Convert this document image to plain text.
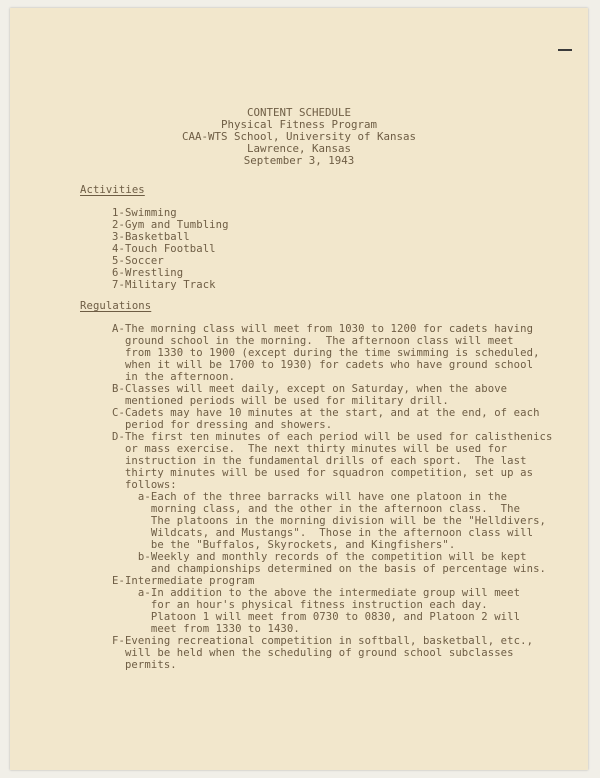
CONTENT SCHEDULE
Physical Fitness Program
CAA-WTS School, University of Kansas
Lawrence, Kansas
September 3, 1943
Activities
1-Swimming
2-Gym and Tumbling
3-Basketball
4-Touch Football
5-Soccer
6-Wrestling
7-Military Track
Regulations
A-The morning class will meet from 1030 to 1200 for cadets having
ground school in the morning.  The afternoon class will meet
from 1330 to 1900 (except during the time swimming is scheduled,
when it will be 1700 to 1930) for cadets who have ground school
in the afternoon.
B-Classes will meet daily, except on Saturday, when the above
mentioned periods will be used for military drill.
C-Cadets may have 10 minutes at the start, and at the end, of each
period for dressing and showers.
D-The first ten minutes of each period will be used for calisthenics
or mass exercise.  The next thirty minutes will be used for
instruction in the fundamental drills of each sport.  The last
thirty minutes will be used for squadron competition, set up as
follows:
a-Each of the three barracks will have one platoon in the
morning class, and the other in the afternoon class.  The
The platoons in the morning division will be the "Helldivers,
Wildcats, and Mustangs".  Those in the afternoon class will
be the "Buffalos, Skyrockets, and Kingfishers".
b-Weekly and monthly records of the competition will be kept
and championships determined on the basis of percentage wins.
E-Intermediate program
a-In addition to the above the intermediate group will meet
for an hour's physical fitness instruction each day.
Platoon 1 will meet from 0730 to 0830, and Platoon 2 will
meet from 1330 to 1430.
F-Evening recreational competition in softball, basketball, etc.,
will be held when the scheduling of ground school subclasses
permits.
